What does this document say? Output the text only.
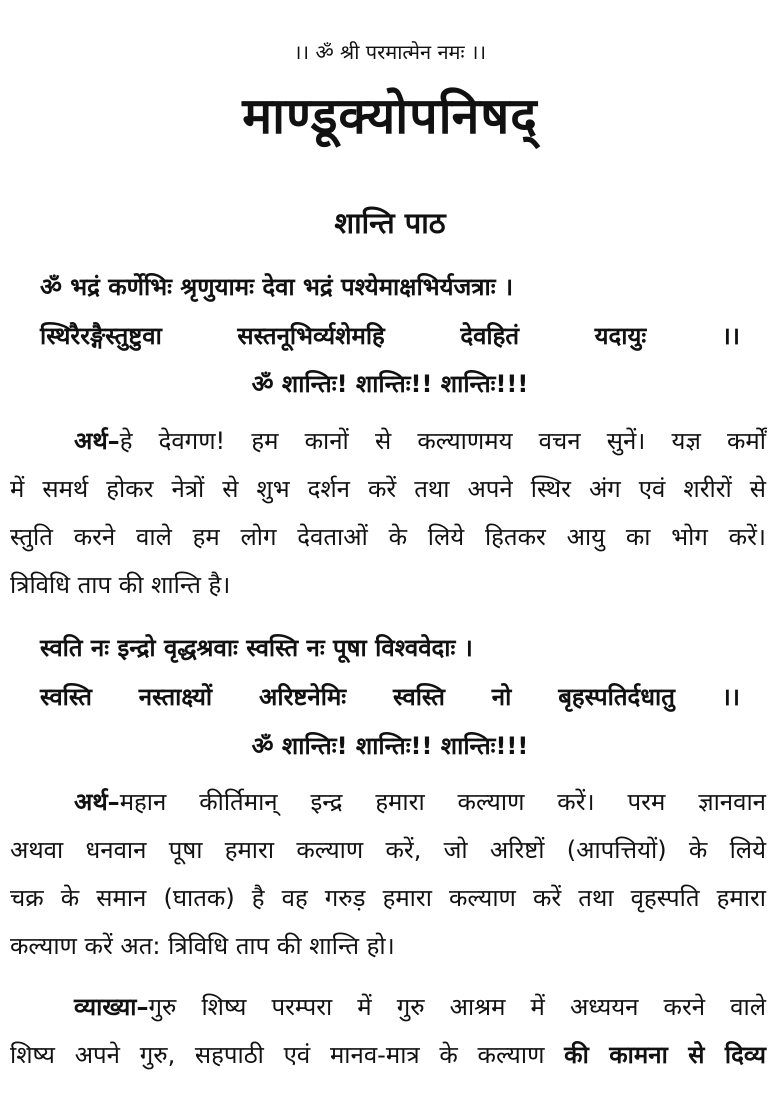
।। ॐ श्री परमात्मेन नमः ।।
माण्डूक्योपनिषद्
शान्ति पाठ
ॐ भद्रं कर्णेभिः श्रृणुयामः देवा भद्रं पश्येमाक्षभिर्यजत्राः ।
स्थिरैरङ्गैस्तुष्टुवा सस्तनूभिर्व्यशेमहि देवहितं यदायुः ।।
ॐ शान्तिः! शान्तिः!! शान्तिः!!!
अर्थ–हे देवगण! हम कानों से कल्याणमय वचन सुनें। यज्ञ कर्मों
में समर्थ होकर नेत्रों से शुभ दर्शन करें तथा अपने स्थिर अंग एवं शरीरों से
स्तुति करने वाले हम लोग देवताओं के लिये हितकर आयु का भोग करें।
त्रिविधि ताप की शान्ति है।
स्वति नः इन्द्रो वृद्धश्रवाः स्वस्ति नः पूषा विश्ववेदाः ।
स्वस्ति नस्ताक्ष्यों अरिष्टनेमिः स्वस्ति नो बृहस्पतिर्दधातु ।।
ॐ शान्तिः! शान्तिः!! शान्तिः!!!
अर्थ–महान कीर्तिमान् इन्द्र हमारा कल्याण करें। परम ज्ञानवान
अथवा धनवान पूषा हमारा कल्याण करें, जो अरिष्टों (आपत्तियों) के लिये
चक्र के समान (घातक) है वह गरुड़ हमारा कल्याण करें तथा वृहस्पति हमारा
कल्याण करें अत: त्रिविधि ताप की शान्ति हो।
व्याख्या–गुरु शिष्य परम्परा में गुरु आश्रम में अध्ययन करने वाले
शिष्य अपने गुरु, सहपाठी एवं मानव-मात्र के कल्याण की कामना से दिव्य
